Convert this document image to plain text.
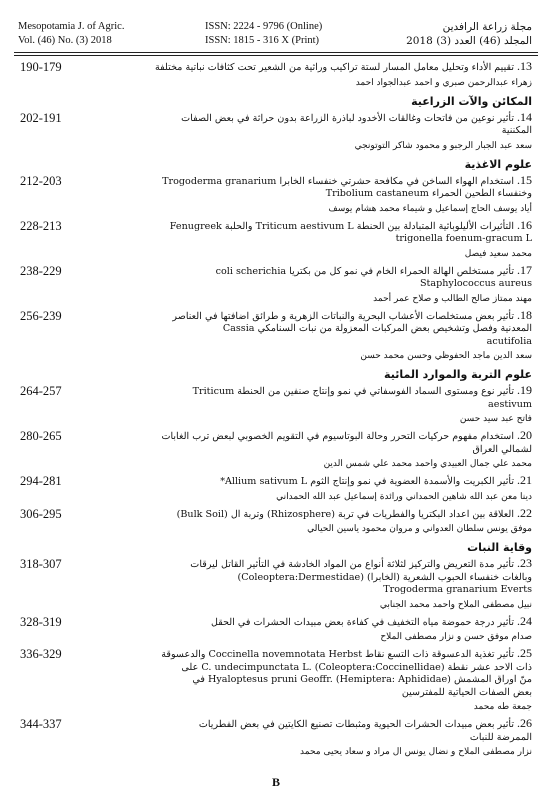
Mesopotamia J. of Agric.
Vol. (46) No. (3) 2018
ISSN: 2224 - 9796 (Online)
ISSN: 1815 - 316 X (Print)
مجلة زراعة الرافدين
المجلد (46) العدد (3) 2018
190-179	13.تقييم الأداء وتحليل معامل المسار لستة تراكيب وراثية من الشعير تحت كثافات نباتية مختلفة
زهراء عبدالرحمن صبري و احمد عبدالجواد احمد
المكائن والآت الزراعية
202-191	14.تأثير نوعين من فاتحات وغالقات الأخدود لباذرة الزراعة بدون حراثة في بعض الصفات
المكننية
سعد عبد الجبار الرجبو و محمود شاكر التوتونجي
علوم الاغذية
212-203	15.استخدام الهواء الساخن في مكافحة حشرتي خنفساء الخابرا Trogoderma granarium
وخنفساء الطحين الحمراء Tribolium castaneum
أياد يوسف الحاج إسماعيل و شيماء محمد هشام يوسف
228-213	16.التأثيرات الأليلوباثية المتبادلة بين الحنطة Triticum aestivum L والحلبة Fenugreek
trigonella foenum-gracum L
محمد سعيد فيصل
238-229	17.تأثير مستخلص الهالة الحمراء الخام في نمو كل من بكتريا coli scherichia
Staphylococcus aureus
مهند ممتاز صالح الطالب و صلاح عمر أحمد
256-239	18.تأثير بعض مستخلصات الأعشاب البحرية والنباتات الزهرية و طرائق اضافتها في العناصر
المعدنية وفصل وتشخيص بعض المركبات المعزولة من نبات السنامكي Cassia
acutifolia
سعد الدين ماجد الحفوظي وحسن محمد حسن
علوم التربة والموارد المائية
264-257	19.تأثير نوع ومستوى السماد الفوسفاتي في نمو وإنتاج صنفين من الحنطة Triticum
aestivum
فاتح عبد سيد حسن
280-265	20.استخدام مفهوم حركيات التحرر وحالة البوتاسيوم في التقويم الخصوبي لبعض ترب الغابات
لشمالي العراق
محمد علي جمال العبيدي واحمد محمد علي شمس الدين
294-281	21.تأثير الكبريت والأسمدة العضوية في نمو وإنتاج الثوم Allium sativum L*
دينا معن عبد الله شاهين الحمداني ورائدة إسماعيل عبد الله الحمداني
306-295	22.العلاقة بين اعداد البكتريا والفطريات في تربة (Rhizosphere) وتربة ال (Bulk Soil)
موفق يونس سلطان العدواني و مروان محمود ياسين الحيالي
وقاية النبات
318-307	23.تأثير مدة التعريض والتركيز لثلاثة أنواع من المواد الخادشة في التأثير القاتل ليرقات
وبالغات خنفساء الحبوب الشعرية (الخابرا) (Coleoptera:Dermestidae)
Trogoderma granarium Everts
نبيل مصطفى الملاح واحمد محمد الجنابي
328-319	24.تأثير درجة حموضة مياه التخفيف في كفاءة بعض مبيدات الحشرات في الحقل
صدام موفق حسن و نزار مصطفى الملاح
336-329	25.تأثير تغذية الدعسوقة ذات التسع نقاط Coccinella novemnotata Herbst والدعسوقة
ذات الاحد عشر نقطة C. undecimpunctata L. (Coleoptera:Coccinellidae) على
منّ اوراق المشمش Hyaloptesus pruni Geoffr. (Hemiptera: Aphididae) في
بعض الصفات الحياتية للمفترسين
جمعة طه محمد
344-337	26.تأثير بعض مبيدات الحشرات الحيوية ومثبطات تصنيع الكايتين في بعض الفطريات
الممرضة للنبات
نزار مصطفى الملاح و نضال يونس ال مراد و سعاد يحيى محمد
B
